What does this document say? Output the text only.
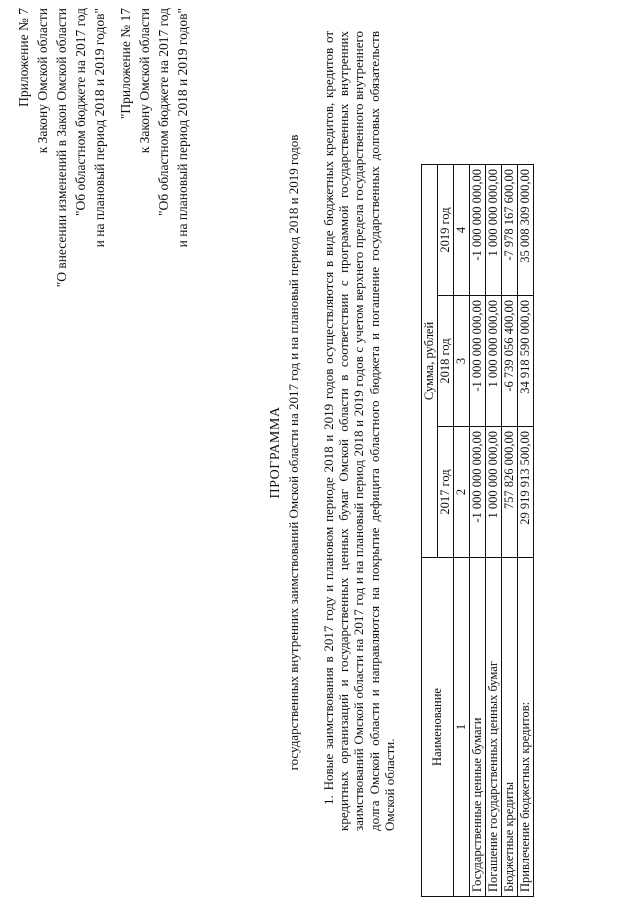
Приложение № 7 к Закону Омской области "О внесении изменений в Закон Омской области "Об областном бюджете на 2017 год и на плановый период 2018 и 2019 годов" "Приложение № 17 к Закону Омской области "Об областном бюджете на 2017 год и на плановый период 2018 и 2019 годов"
ПРОГРАММА государственных внутренних заимствований Омской области на 2017 год и на плановый период 2018 и 2019 годов 1. Новые заимствования в 2017 году и плановом периоде 2018 и 2019 годов осуществляются в виде бюджетных кредитов, кредитов от кредитных организаций и государственных ценных бумаг Омской области в соответствии с программой государственных внутренних заимствований Омской области на 2017 год и на плановый период 2018 и 2019 годов с учетом верхнего предела государственного внутреннего долга Омской области и направляются на покрытие дефицита областного бюджета и погашение государственных долговых обязательств Омской области.
Наименование	Сумма, рублей		
	2017 год	2018 год	2019 год
1	2	3	4
Государственные ценные бумаги	-1 000 000 000,00	-1 000 000 000,00	-1 000 000 000,00
Погашение государственных ценных бумаг	1 000 000 000,00	1 000 000 000,00	1 000 000 000,00
Бюджетные кредиты	757 826 000,00	-6 739 056 400,00	-7 978 167 600,00
Привлечение бюджетных кредитов:	29 919 913 500,00	34 918 590 000,00	35 008 309 000,00
